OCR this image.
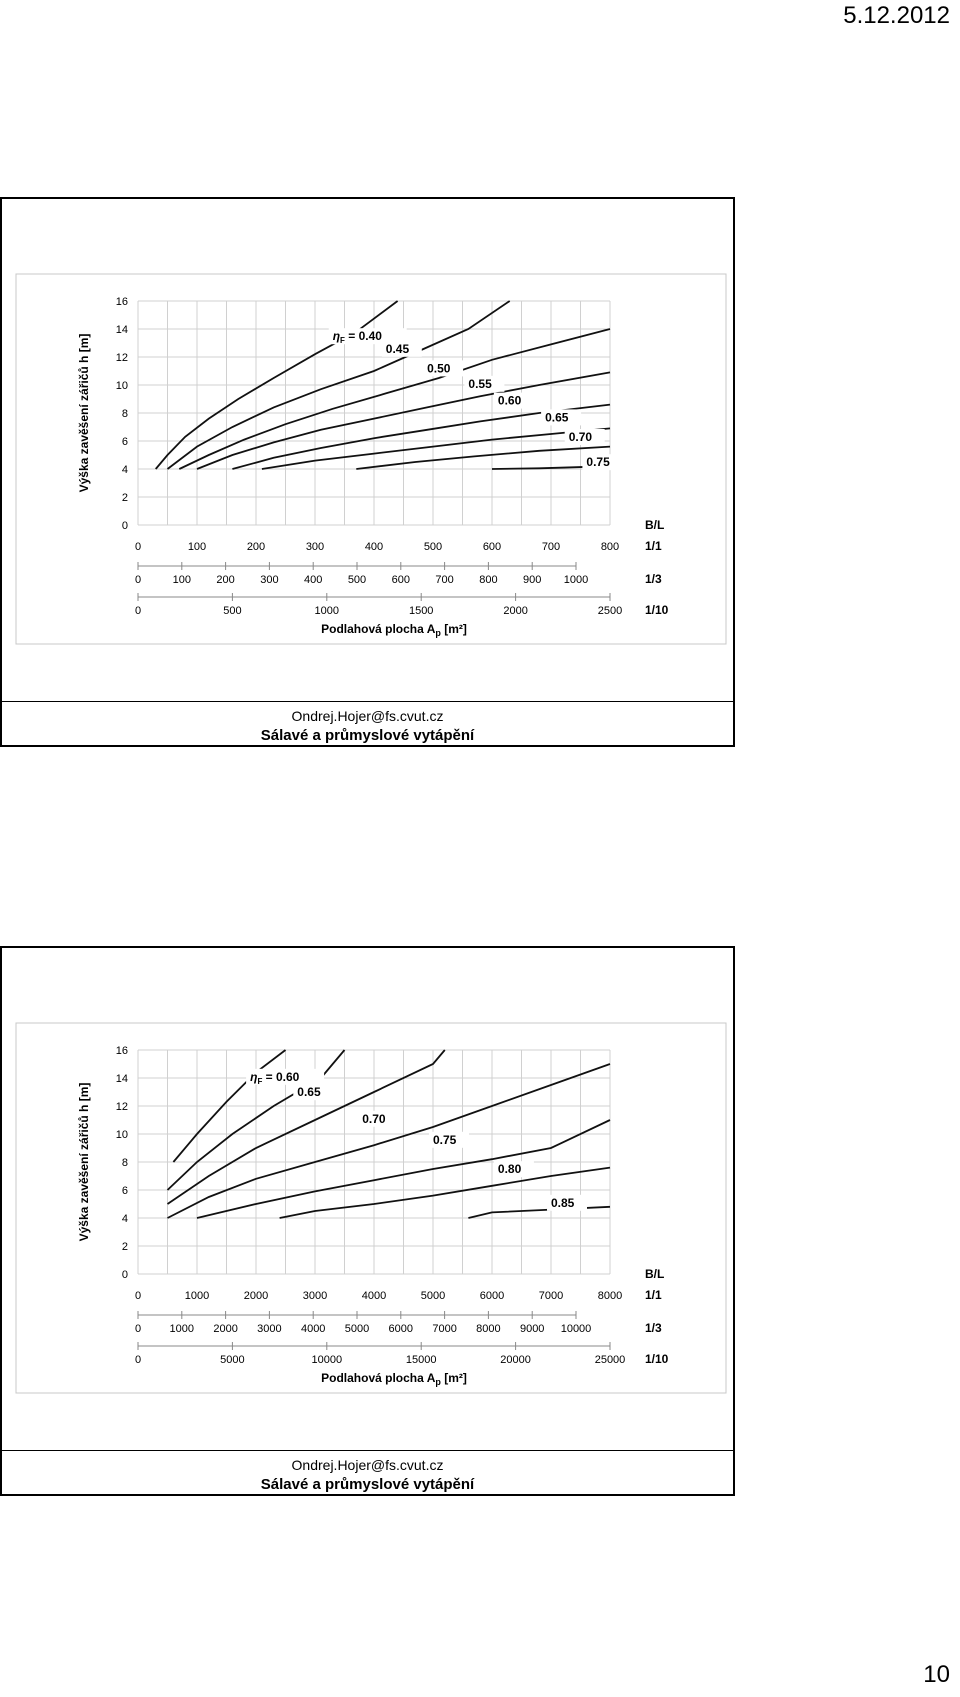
5.12.2012
0
2
4
6
8
10
12
14
16
Výška zavěšení zářičů h [m]
B/L
0	100	200	300	400	500	600	700	800 1/1
0	100 200 300 400 500 600 700 800 900 1000	1/3
0	500	1000	1500	2000	2500 1/10
Podlahová plocha $A_p$ [m²]
$\eta_F = 0.40$
0.45
0.50
0.55
0.60
0.65
0.70
0.75
Ondrej.Hojer@fs.cvut.cz
Sálavé a průmyslové vytápění
0
2
4
6
8
10
12
14
16
Výška zavěšení zářičů h [m]
B/L
0	1000	2000	3000	4000	5000	6000	7000	8000 1/1
0	1000 2000 3000 4000 5000 6000 7000 8000 9000 10000	1/3
0	5000	10000	15000	20000	25000 1/10
Podlahová plocha $A_p$ [m²]
$\eta_F = 0.60$
0.65
0.70
0.75
0.80
0.85
Ondrej.Hojer@fs.cvut.cz
Sálavé a průmyslové vytápění
10
